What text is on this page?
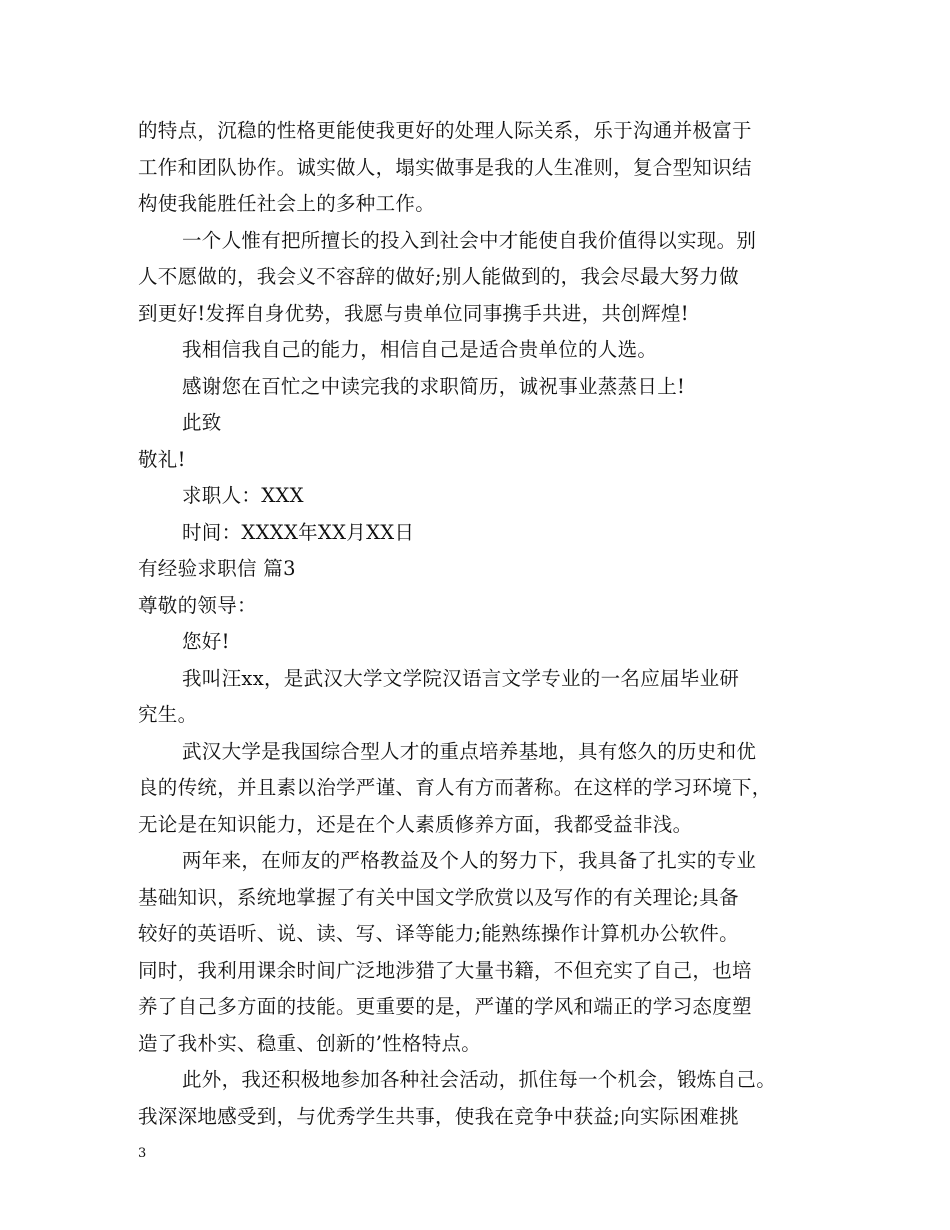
的特点，沉稳的性格更能使我更好的处理人际关系，乐于沟通并极富于

工作和团队协作。诚实做人，塌实做事是我的人生准则，复合型知识结

构使我能胜任社会上的多种工作。

一个人惟有把所擅长的投入到社会中才能使自我价值得以实现。别

人不愿做的，我会义不容辞的做好;别人能做到的，我会尽最大努力做

到更好!发挥自身优势，我愿与贵单位同事携手共进，共创辉煌!

我相信我自己的能力，相信自己是适合贵单位的人选。

感谢您在百忙之中读完我的求职简历，诚祝事业蒸蒸日上!

此致

敬礼!

求职人：XXX

时间：XXXX年XX月XX日

有经验求职信 篇3

尊敬的领导：

您好!

我叫汪xx，是武汉大学文学院汉语言文学专业的一名应届毕业研

究生。

武汉大学是我国综合型人才的重点培养基地，具有悠久的历史和优

良的传统，并且素以治学严谨、育人有方而著称。在这样的学习环境下，

无论是在知识能力，还是在个人素质修养方面，我都受益非浅。

两年来，在师友的严格教益及个人的努力下，我具备了扎实的专业

基础知识，系统地掌握了有关中国文学欣赏以及写作的有关理论;具备

较好的英语听、说、读、写、译等能力;能熟练操作计算机办公软件。

同时，我利用课余时间广泛地涉猎了大量书籍，不但充实了自己，也培

养了自己多方面的技能。更重要的是，严谨的学风和端正的学习态度塑

造了我朴实、稳重、创新的’性格特点。

此外，我还积极地参加各种社会活动，抓住每一个机会，锻炼自己。

我深深地感受到，与优秀学生共事，使我在竞争中获益;向实际困难挑

3
